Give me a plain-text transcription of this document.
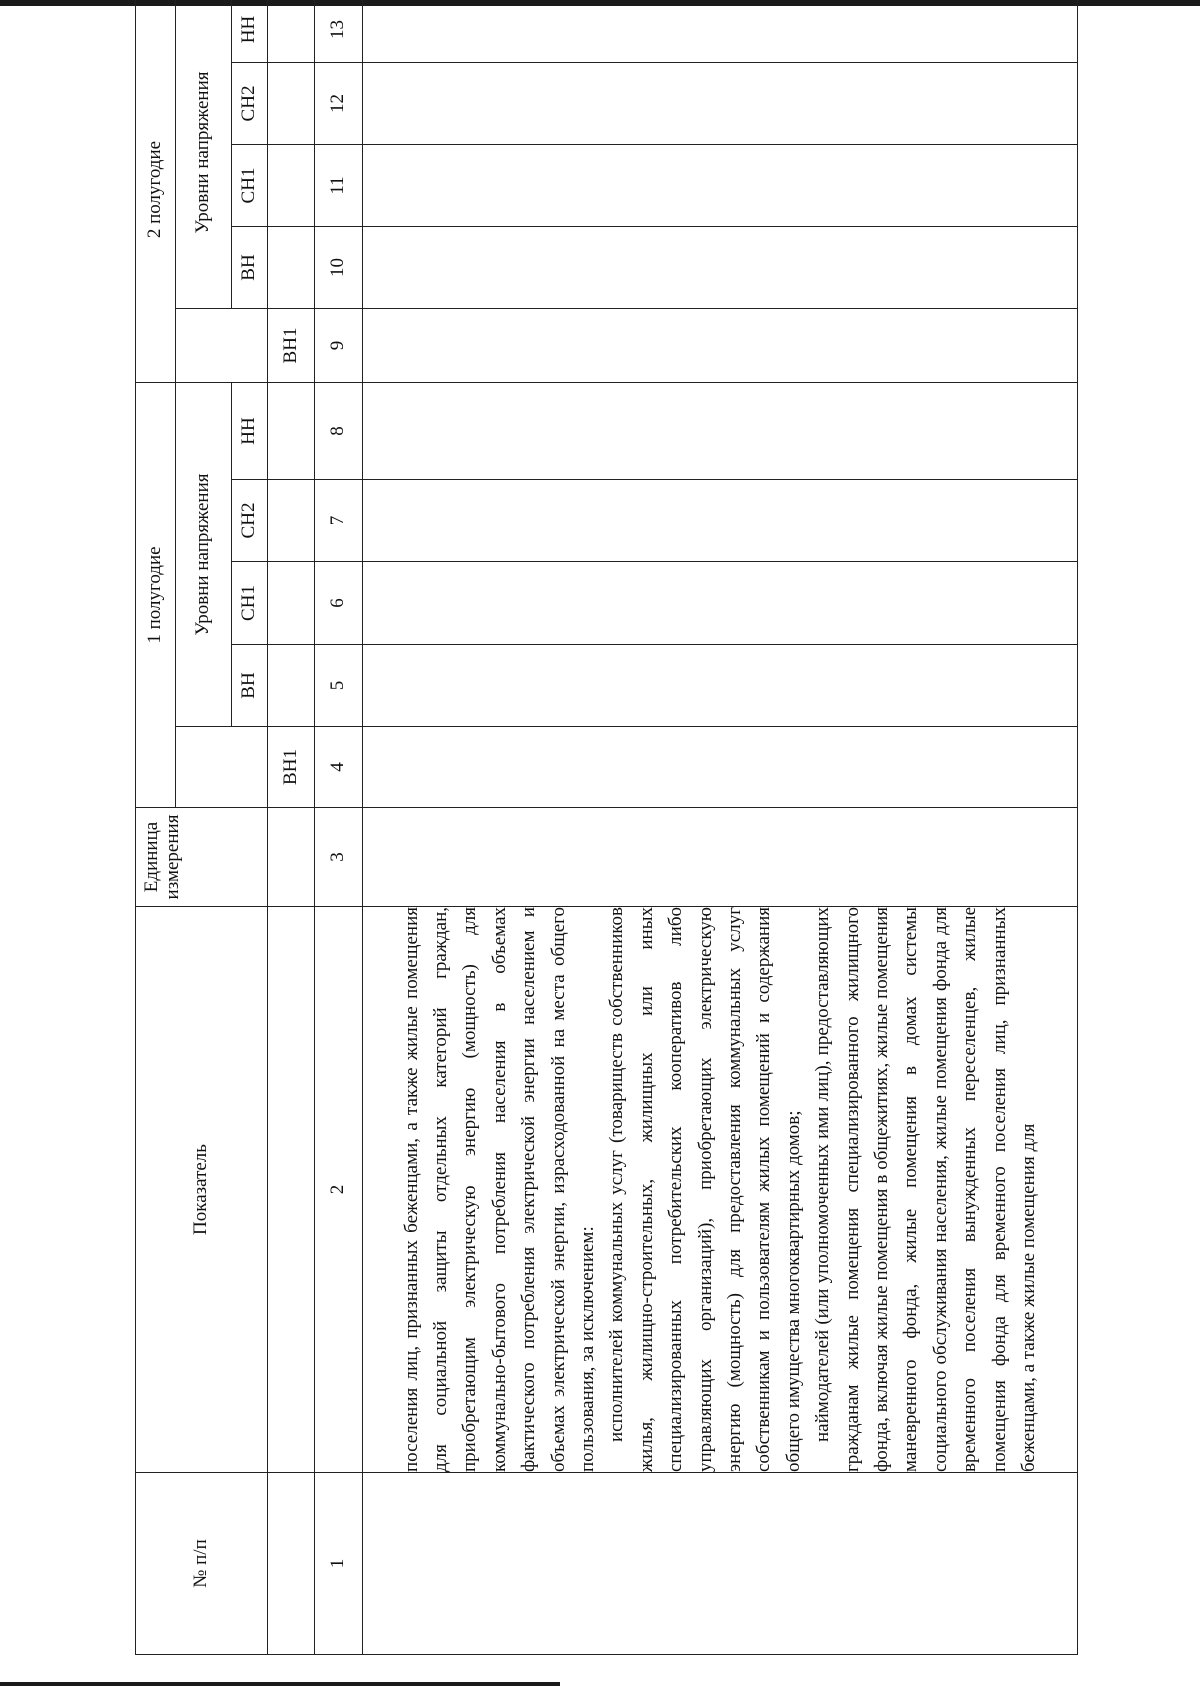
№ п/п	Показатель	Единица измерения	1 полугодие					2 полугодие				
				Уровни напряжения					Уровни напряжения			
				ВН	СН1	СН2	НН		ВН	СН1	СН2	НН
			ВН1					ВН1				
1	2	3	4	5	6	7	8	9	10	11	12	13

	поселения лиц, признанных беженцами, а также жилые помещения для социальной защиты отдельных категорий граждан, приобретающим электрическую энергию (мощность) для коммунально-бытового потребления населения в объемах фактического потребления электрической энергии населением и объемах электрической энергии, израсходованной на места общего пользования, за исключением: исполнителей коммунальных услуг (товариществ собственников жилья, жилищно-строительных, жилищных или иных специализированных потребительских кооперативов либо управляющих организаций), приобретающих электрическую энергию (мощность) для предоставления коммунальных услуг собственникам и пользователям жилых помещений и содержания общего имущества многоквартирных домов; наймодателей (или уполномоченных ими лиц), предоставляющих гражданам жилые помещения специализированного жилищного фонда, включая жилые помещения в общежитиях, жилые помещения маневренного фонда, жилые помещения в домах системы социального обслуживания населения, жилые помещения фонда для временного поселения вынужденных переселенцев, жилые помещения фонда для временного поселения лиц, признанных беженцами, а также жилые помещения для											
